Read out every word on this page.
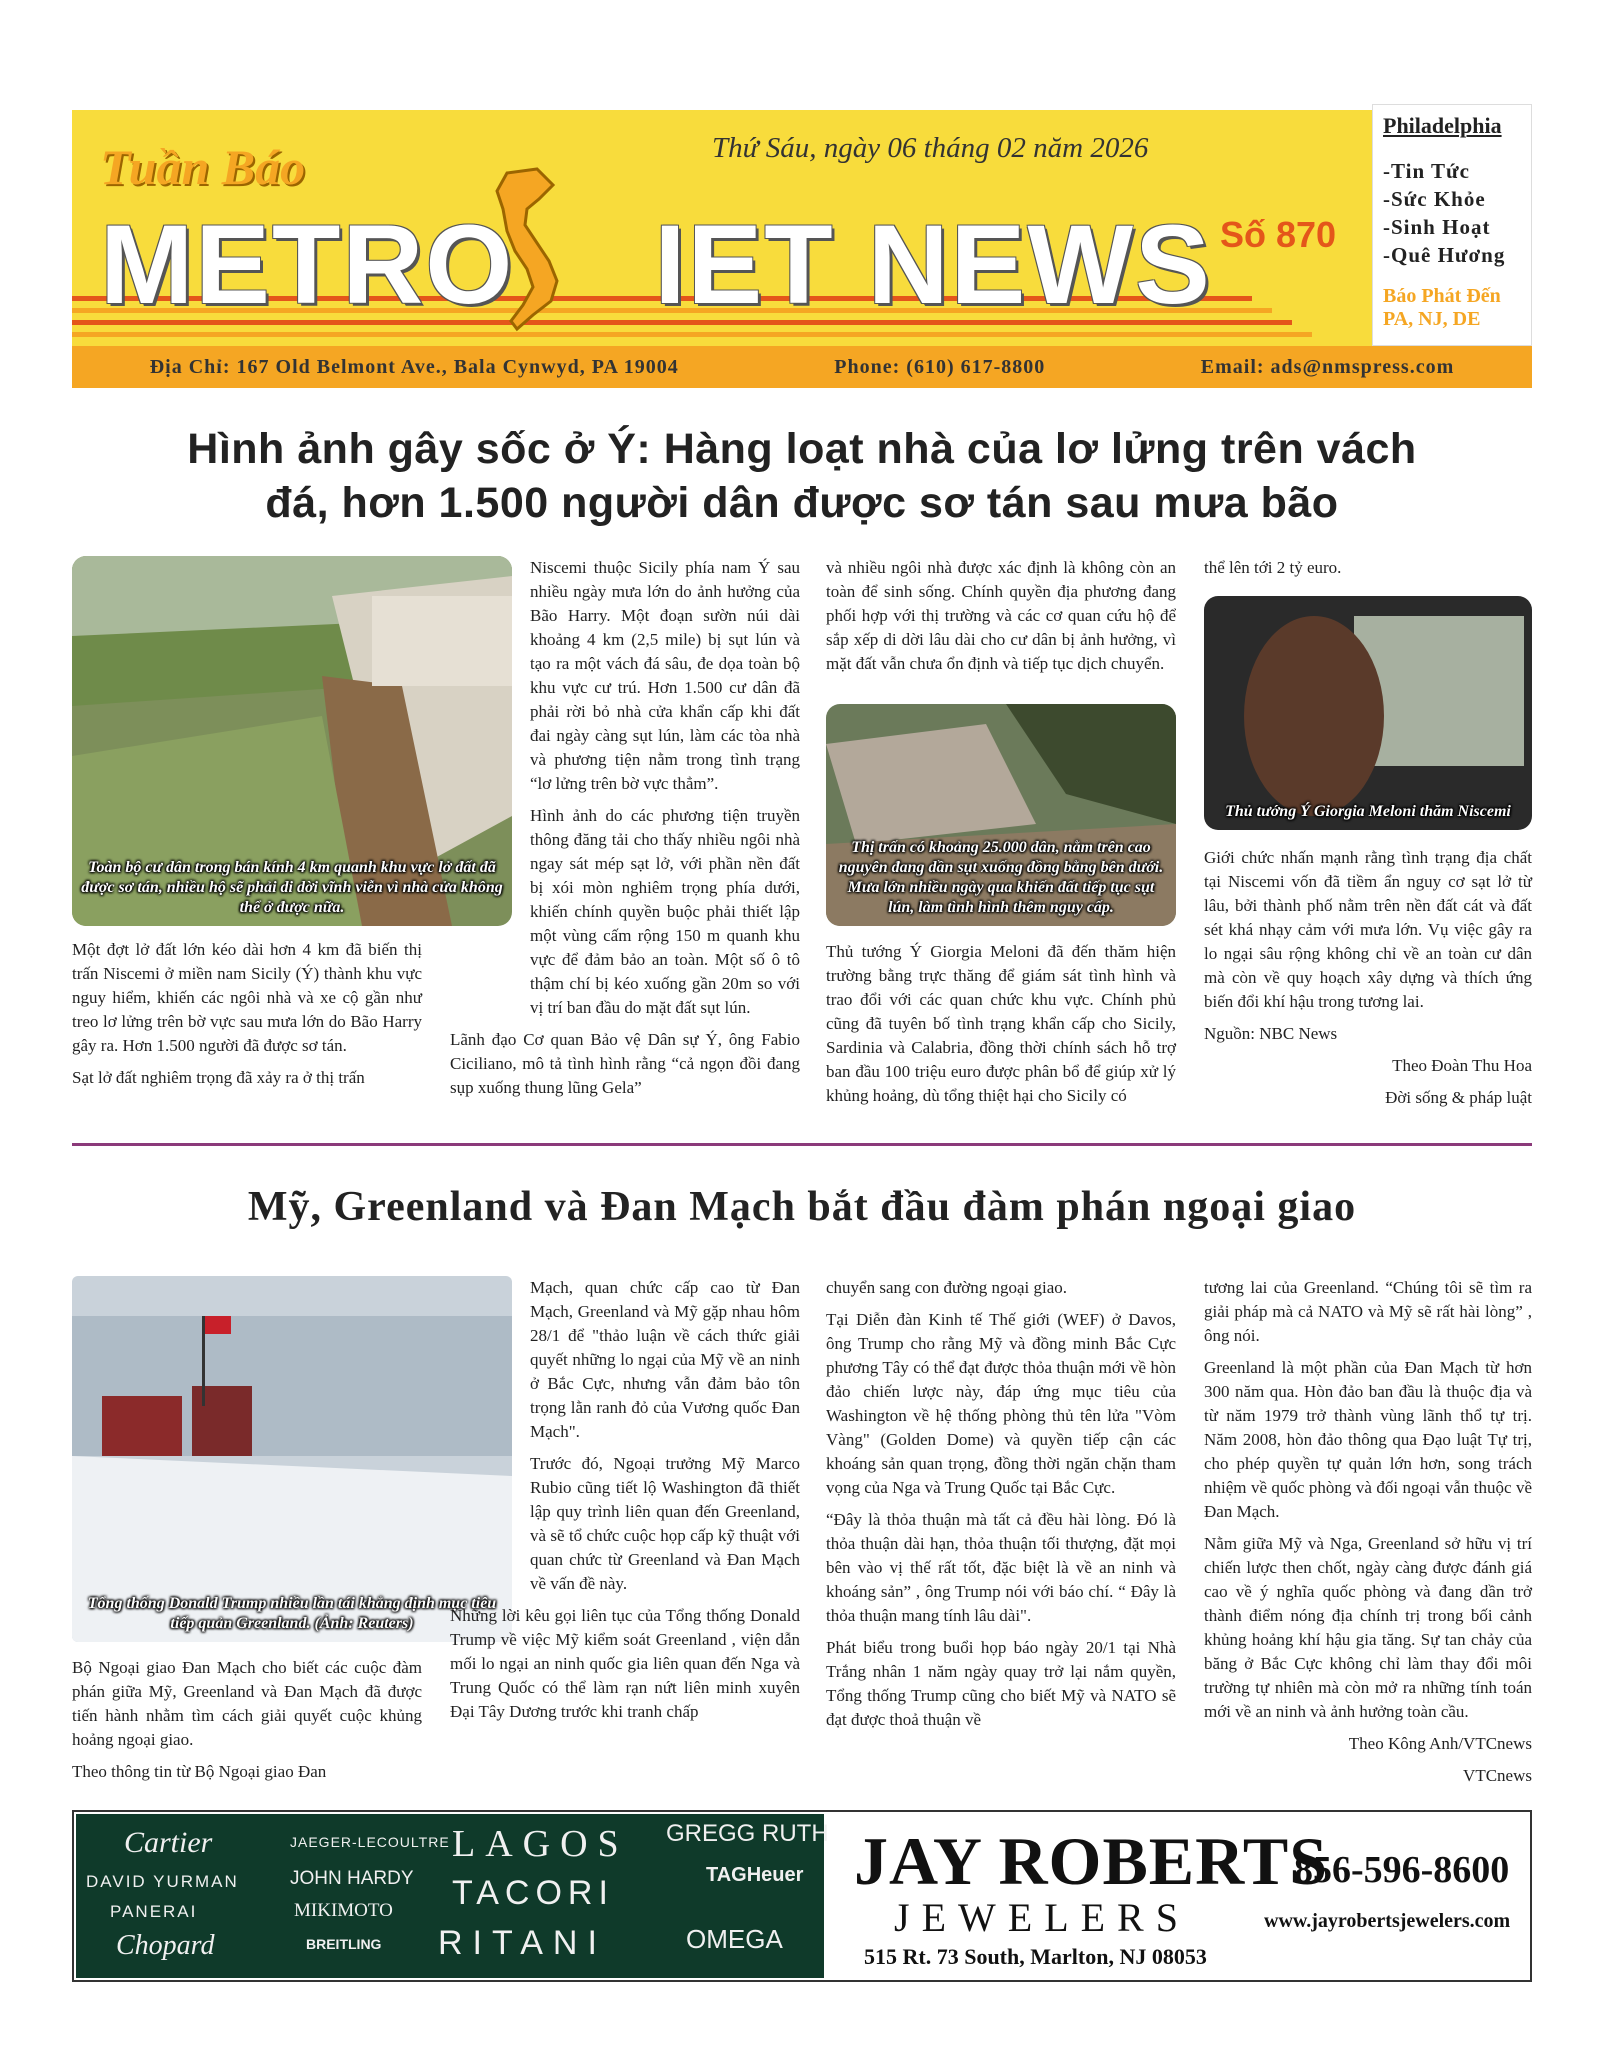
Tuần Báo	Thứ Sáu, ngày 06 tháng 02 năm 2026
METRO IET NEWS Số 870
Philadelphia
-Tin Tức
-Sức Khỏe
-Sinh Hoạt
-Quê Hương
Báo Phát Đến
PA, NJ, DE
Địa Chỉ: 167 Old Belmont Ave., Bala Cynwyd, PA 19004	Phone: (610) 617-8800	Email: ads@nmspress.com
Hình ảnh gây sốc ở Ý: Hàng loạt nhà của lơ lửng trên vách
đá, hơn 1.500 người dân được sơ tán sau mưa bão
Toàn bộ cư dân trong bán kính 4 km quanh khu vực lở đất đã được sơ tán, nhiều hộ sẽ phải di dời vĩnh viễn vì nhà cửa không thể ở được nữa.

Một đợt lở đất lớn kéo dài hơn 4 km đã biến thị trấn Niscemi ở miền nam Sicily (Ý) thành khu vực nguy hiểm, khiến các ngôi nhà và xe cộ gần như treo lơ lửng trên bờ vực sau mưa lớn do Bão Harry gây ra. Hơn 1.500 người đã được sơ tán.

Sạt lở đất nghiêm trọng đã xảy ra ở thị trấn

Niscemi thuộc Sicily phía nam Ý sau nhiều ngày mưa lớn do ảnh hưởng của Bão Harry. Một đoạn sườn núi dài khoảng 4 km (2,5 mile) bị sụt lún và tạo ra một vách đá sâu, đe dọa toàn bộ khu vực cư trú. Hơn 1.500 cư dân đã phải rời bỏ nhà cửa khẩn cấp khi đất đai ngày càng sụt lún, làm các tòa nhà và phương tiện nằm trong tình trạng “lơ lửng trên bờ vực thẳm”.

Hình ảnh do các phương tiện truyền thông đăng tải cho thấy nhiều ngôi nhà ngay sát mép sạt lở, với phần nền đất bị xói mòn nghiêm trọng phía dưới, khiến chính quyền buộc phải thiết lập một vùng cấm rộng 150 m quanh khu vực để đảm bảo an toàn. Một số ô tô thậm chí bị kéo xuống gần 20m so với vị trí ban đầu do mặt đất sụt lún.

Lãnh đạo Cơ quan Bảo vệ Dân sự Ý, ông Fabio Ciciliano, mô tả tình hình rằng “cả ngọn đồi đang sụp xuống thung lũng Gela”

và nhiều ngôi nhà được xác định là không còn an toàn để sinh sống. Chính quyền địa phương đang phối hợp với thị trường và các cơ quan cứu hộ để sắp xếp di dời lâu dài cho cư dân bị ảnh hưởng, vì mặt đất vẫn chưa ổn định và tiếp tục dịch chuyển.

Thị trấn có khoảng 25.000 dân, nằm trên cao nguyên đang dần sụt xuống đồng bằng bên dưới. Mưa lớn nhiều ngày qua khiến đất tiếp tục sụt lún, làm tình hình thêm nguy cấp.

Thủ tướng Ý Giorgia Meloni đã đến thăm hiện trường bằng trực thăng để giám sát tình hình và trao đổi với các quan chức khu vực. Chính phủ cũng đã tuyên bố tình trạng khẩn cấp cho Sicily, Sardinia và Calabria, đồng thời chính sách hỗ trợ ban đầu 100 triệu euro được phân bổ để giúp xử lý khủng hoảng, dù tổng thiệt hại cho Sicily có

thể lên tới 2 tỷ euro.

Thủ tướng Ý Giorgia Meloni thăm Niscemi

Giới chức nhấn mạnh rằng tình trạng địa chất tại Niscemi vốn đã tiềm ẩn nguy cơ sạt lở từ lâu, bởi thành phố nằm trên nền đất cát và đất sét khá nhạy cảm với mưa lớn. Vụ việc gây ra lo ngại sâu rộng không chỉ về an toàn cư dân mà còn về quy hoạch xây dựng và thích ứng biến đổi khí hậu trong tương lai.

Nguồn: NBC News

Theo Đoàn Thu Hoa

Đời sống & pháp luật

Mỹ, Greenland và Đan Mạch bắt đầu đàm phán ngoại giao
Tổng thống Donald Trump nhiều lần tái khẳng định mục tiêu tiếp quản Greenland. (Ảnh: Reuters)

Bộ Ngoại giao Đan Mạch cho biết các cuộc đàm phán giữa Mỹ, Greenland và Đan Mạch đã được tiến hành nhằm tìm cách giải quyết cuộc khủng hoảng ngoại giao.

Theo thông tin từ Bộ Ngoại giao Đan

Mạch, quan chức cấp cao từ Đan Mạch, Greenland và Mỹ gặp nhau hôm 28/1 để "thảo luận về cách thức giải quyết những lo ngại của Mỹ về an ninh ở Bắc Cực, nhưng vẫn đảm bảo tôn trọng lằn ranh đỏ của Vương quốc Đan Mạch".

Trước đó, Ngoại trưởng Mỹ Marco Rubio cũng tiết lộ Washington đã thiết lập quy trình liên quan đến Greenland, và sẽ tổ chức cuộc họp cấp kỹ thuật với quan chức từ Greenland và Đan Mạch về vấn đề này.

Những lời kêu gọi liên tục của Tổng thống Donald Trump về việc Mỹ kiểm soát Greenland , viện dẫn mối lo ngại an ninh quốc gia liên quan đến Nga và Trung Quốc có thể làm rạn nứt liên minh xuyên Đại Tây Dương trước khi tranh chấp

chuyển sang con đường ngoại giao.

Tại Diễn đàn Kinh tế Thế giới (WEF) ở Davos, ông Trump cho rằng Mỹ và đồng minh Bắc Cực phương Tây có thể đạt được thỏa thuận mới về hòn đảo chiến lược này, đáp ứng mục tiêu của Washington về hệ thống phòng thủ tên lửa "Vòm Vàng" (Golden Dome) và quyền tiếp cận các khoáng sản quan trọng, đồng thời ngăn chặn tham vọng của Nga và Trung Quốc tại Bắc Cực.

“Đây là thỏa thuận mà tất cả đều hài lòng. Đó là thỏa thuận dài hạn, thỏa thuận tối thượng, đặt mọi bên vào vị thế rất tốt, đặc biệt là về an ninh và khoáng sản” , ông Trump nói với báo chí. “ Đây là thỏa thuận mang tính lâu dài".

Phát biểu trong buổi họp báo ngày 20/1 tại Nhà Trắng nhân 1 năm ngày quay trở lại nắm quyền, Tổng thống Trump cũng cho biết Mỹ và NATO sẽ đạt được thoả thuận về

tương lai của Greenland. “Chúng tôi sẽ tìm ra giải pháp mà cả NATO và Mỹ sẽ rất hài lòng” , ông nói.

Greenland là một phần của Đan Mạch từ hơn 300 năm qua. Hòn đảo ban đầu là thuộc địa và từ năm 1979 trở thành vùng lãnh thổ tự trị. Năm 2008, hòn đảo thông qua Đạo luật Tự trị, cho phép quyền tự quản lớn hơn, song trách nhiệm về quốc phòng và đối ngoại vẫn thuộc về Đan Mạch.

Nằm giữa Mỹ và Nga, Greenland sở hữu vị trí chiến lược then chốt, ngày càng được đánh giá cao về ý nghĩa quốc phòng và đang dần trở thành điểm nóng địa chính trị trong bối cảnh khủng hoảng khí hậu gia tăng. Sự tan chảy của băng ở Bắc Cực không chỉ làm thay đổi môi trường tự nhiên mà còn mở ra những tính toán mới về an ninh và ảnh hưởng toàn cầu.

Theo Kông Anh/VTCnews

VTCnews

Cartier	JAEGER-LECOULTRE LAGOS GREGG RUTH
DAVID YURMAN	JOHN HARDY TACORI	TAGHeuer
PANERAI	MIKIMOTO
RITANI	OMEGA
Chopard	BREITLING
JAY ROBERTS
JEWELERS
515 Rt. 73 South, Marlton, NJ 08053
856-596-8600
www.jayrobertsjewelers.com
